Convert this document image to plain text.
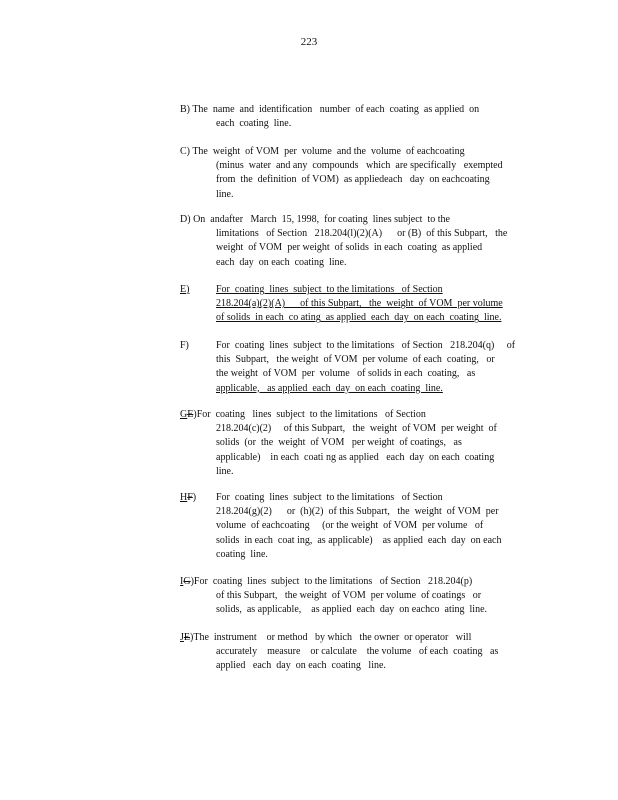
223
B) The  name  and  identification   number  of each  coating  as applied  on
each  coating  line.
C) The  weight  of VOM  per  volume  and the  volume  of eachcoating
(minus  water  and any  compounds   which  are specifically   exempted
from  the  definition  of VOM)  as appliedeach   day  on eachcoating
line.
D) On  andafter   March  15, 1998,  for coating  lines subject  to the
limitations   of Section   218.204(l)(2)(A)      or (B)  of this Subpart,   the
weight  of VOM  per weight  of solids  in each  coating  as applied
each  day  on each  coating  line.
E)	For  coating  lines  subject  to the limitations   of Section
218.204(a)(2)(A)      of this Subpart,   the  weight  of VOM  per volume
of solids  in each  co ating  as applied  each  day  on each  coating  line.
F)	For  coating  lines  subject  to the limitations   of Section   218.204(q)     of
this  Subpart,   the weight  of VOM  per volume  of each  coating,   or
the weight  of VOM  per  volume   of solids in each  coating,   as
applicable,   as applied  each  day  on each  coating  line.
GE)For  coating   lines  subject  to the limitations   of Section
218.204(c)(2)     of this Subpart,   the  weight  of VOM  per weight  of
solids  (or  the  weight  of VOM   per weight  of coatings,   as
applicable)    in each  coati ng as applied   each  day  on each  coating
line.
HF) For  coating  lines  subject  to the limitations   of Section
218.204(g)(2)      or  (h)(2)  of this Subpart,   the  weight  of VOM  per
volume  of eachcoating     (or the weight  of VOM  per volume   of
solids  in each  coat ing,  as applicable)    as applied  each  day  on each
coating  line.
IG)For  coating  lines  subject  to the limitations   of Section   218.204(p)
of this Subpart,   the weight  of VOM  per volume  of coatings   or
solids,  as applicable,    as applied  each  day  on eachco  ating  line.
JE)The  instrument    or method   by which   the owner  or operator   will
accurately    measure    or calculate    the volume   of each  coating   as
applied   each  day  on each  coating   line.
